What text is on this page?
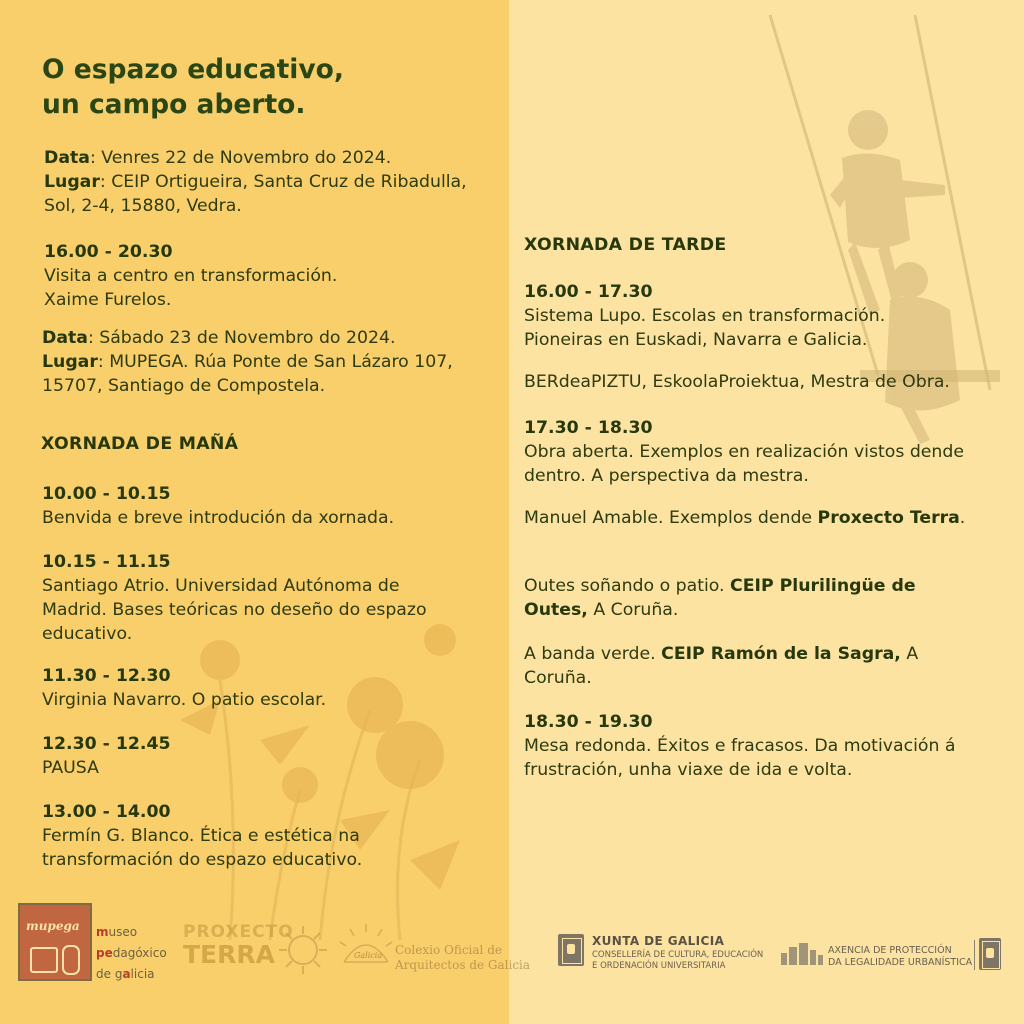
O espazo educativo,
un campo aberto.
Data: Venres 22 de Novembro do 2024.
Lugar: CEIP Ortigueira, Santa Cruz de Ribadulla, Sol, 2-4, 15880, Vedra.
16.00 - 20.30
Visita a centro en transformación. Xaime Furelos.
Data: Sábado 23 de Novembro do 2024.
Lugar: MUPEGA. Rúa Ponte de San Lázaro 107, 15707, Santiago de Compostela.
XORNADA DE MAÑÁ
10.00 - 10.15
Benvida e breve introdución da xornada.
10.15 - 11.15
Santiago Atrio. Universidad Autónoma de Madrid. Bases teóricas no deseño do espazo educativo.
11.30 - 12.30
Virginia Navarro. O patio escolar.
12.30 - 12.45
PAUSA
13.00 - 14.00
Fermín G. Blanco. Ética e estética na transformación do espazo educativo.
XORNADA DE TARDE
16.00 - 17.30
Sistema Lupo. Escolas en transformación. Pioneiras en Euskadi, Navarra e Galicia.
BERdeaPIZTU, EskoolaProiektua, Mestra de Obra.
17.30 - 18.30
Obra aberta. Exemplos en realización vistos dende dentro. A perspectiva da mestra.
Manuel Amable. Exemplos dende Proxecto Terra.
Outes soñando o patio. CEIP Plurilingüe de Outes, A Coruña.
A banda verde. CEIP Ramón de la Sagra, A Coruña.
18.30 - 19.30
Mesa redonda. Éxitos e fracasos. Da motivación á frustración, unha viaxe de ida e volta.
mupega museo
pedagóxico
de galicia
PROXECTO
TERRA	Galicia Colexio Oficial de
Arquitectos de Galicia
XUNTA DE GALICIA
CONSELLERÍA DE CULTURA, EDUCACIÓN
E ORDENACIÓN UNIVERSITARIA
AXENCIA DE PROTECCIÓN
DA LEGALIDADE URBANÍSTICA
